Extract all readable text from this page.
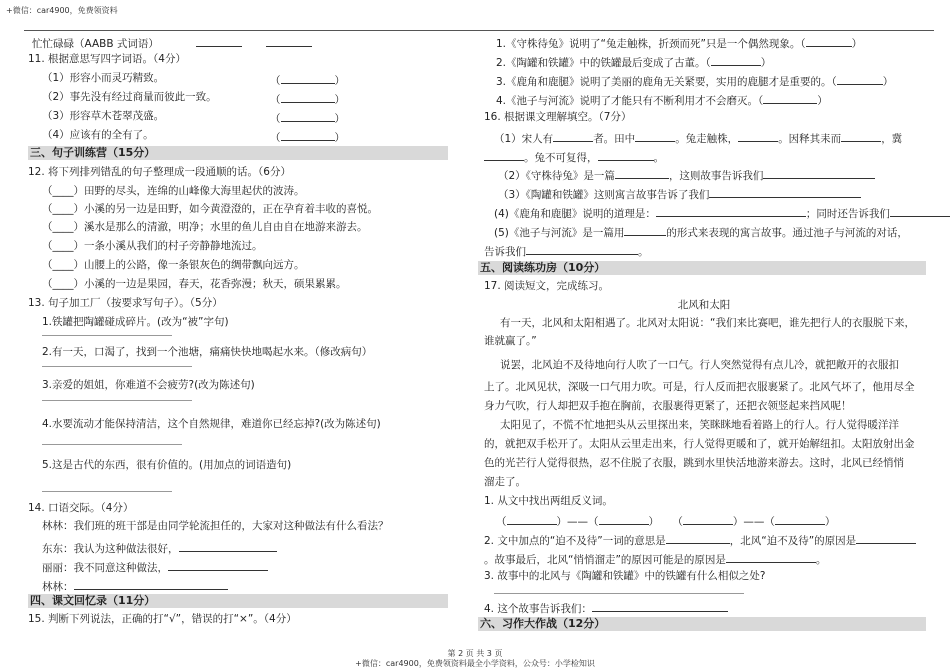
+微信：car4900，免费领资料
忙忙碌碌（AABB 式词语）
11. 根据意思写四字词语。（4分）
（1）形容小而灵巧精致。	（	）
（2）事先没有经过商量而彼此一致。	（	）
（3）形容草木苍翠茂盛。	（	）
（4）应该有的全有了。	（	）
三、句子训练营（15分）
12. 将下列排列错乱的句子整理成一段通顺的话。（6分）
（____）田野的尽头，连绵的山峰像大海里起伏的波涛。
（____）小溪的另一边是田野，如今黄澄澄的，正在孕育着丰收的喜悦。
（____）溪水是那么的清澈，明净；水里的鱼儿自由自在地游来游去。
（____）一条小溪从我们的村子旁静静地流过。
（____）山腰上的公路，像一条银灰色的绸带飘向远方。
（____）小溪的一边是果园，春天，花香弥漫；秋天，硕果累累。
13. 句子加工厂（按要求写句子）。（5分）
1.铁罐把陶罐碰成碎片。(改为“被”字句)
2.有一天，口渴了，找到一个池塘，痛痛快快地喝起水来。（修改病句）
3.亲爱的姐姐，你难道不会疲劳?(改为陈述句)
4.水要流动才能保持清洁，这个自然规律，难道你已经忘掉?(改为陈述句)
5.这是古代的东西，很有价值的。(用加点的词语造句)
14. 口语交际。（4分）
林林：我们班的班干部是由同学轮流担任的，大家对这种做法有什么看法？
东东：我认为这种做法很好，
丽丽：我不同意这种做法，
林林：
四、课文回忆录（11分）
15. 判断下列说法，正确的打“√”，错误的打“×”。（4分）
1.《守株待兔》说明了“兔走触株，折颈而死”只是一个偶然现象。（	）
2.《陶罐和铁罐》中的铁罐最后变成了古董。（	）
3.《鹿角和鹿腿》说明了美丽的鹿角无关紧要，实用的鹿腿才是重要的。（	）
4.《池子与河流》说明了才能只有不断利用才不会磨灭。（	）
16. 根据课文理解填空。（7分）
（1）宋人有	者。田中	。兔走触株，	。因释其耒而	，冀
。兔不可复得，	。
（2）《守株待兔》是一篇	，这则故事告诉我们
（3）《陶罐和铁罐》这则寓言故事告诉了我们
(4)《鹿角和鹿腿》说明的道理是：	；同时还告诉我们
(5)《池子与河流》是一篇用	的形式来表现的寓言故事。通过池子与河流的对话，
告诉我们	。
五、阅读练功房（10分）
17. 阅读短文，完成练习。
北风和太阳
有一天，北风和太阳相遇了。北风对太阳说：“我们来比赛吧，谁先把行人的衣服脱下来，
谁就赢了。”
说罢，北风迫不及待地向行人吹了一口气。行人突然觉得有点儿冷，就把敞开的衣服扣
上了。北风见状，深吸一口气用力吹。可是，行人反而把衣服裹紧了。北风气坏了，他用尽全
身力气吹，行人却把双手抱在胸前，衣服裹得更紧了，还把衣领竖起来挡风呢！
太阳见了，不慌不忙地把头从云里探出来，笑眯眯地看着路上的行人。行人觉得暖洋洋
的，就把双手松开了。太阳从云里走出来，行人觉得更暖和了，就开始解纽扣。太阳放射出金
色的光芒行人觉得很热，忍不住脱了衣服，跳到水里快活地游来游去。这时，北风已经悄悄
溜走了。
1. 从文中找出两组反义词。
（	）——（	）    （	）——（	）
2. 文中加点的“迫不及待”一词的意思是	，北风“迫不及待”的原因是
。故事最后，北风“悄悄溜走”的原因可能是的原因是	。
3. 故事中的北风与《陶罐和铁罐》中的铁罐有什么相似之处?
4. 这个故事告诉我们：
六、习作大作战（12分）
第 2 页 共 3 页
+微信：car4900，免费领资料最全小学资料，公众号：小学检知识
